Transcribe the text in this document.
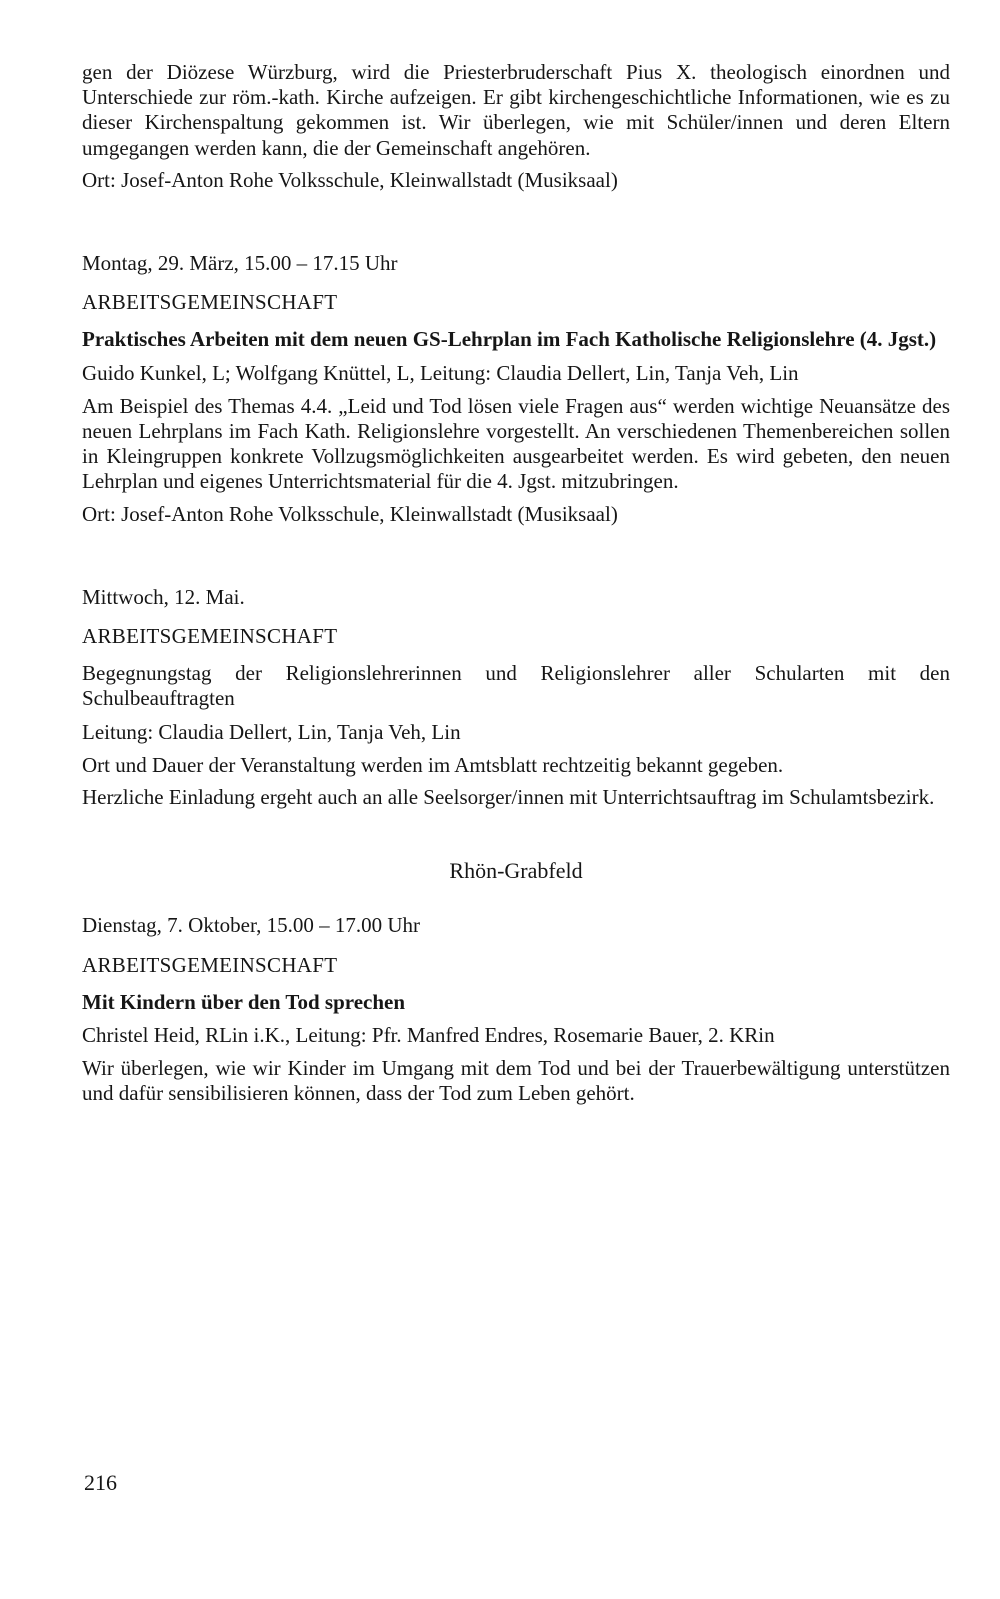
gen der Diözese Würzburg, wird die Priesterbruderschaft Pius X. theologisch einordnen und Unterschiede zur röm.-kath. Kirche aufzeigen. Er gibt kirchengeschichtliche Informationen, wie es zu dieser Kirchenspaltung gekommen ist. Wir überlegen, wie mit Schüler/innen und deren Eltern umgegangen werden kann, die der Gemeinschaft angehören.

Ort: Josef-Anton Rohe Volksschule, Kleinwallstadt (Musiksaal)

Montag, 29. März, 15.00 – 17.15 Uhr

ARBEITSGEMEINSCHAFT

Praktisches Arbeiten mit dem neuen GS-Lehrplan im Fach Katholische Religionslehre (4. Jgst.)

Guido Kunkel, L; Wolfgang Knüttel, L, Leitung: Claudia Dellert, Lin, Tanja Veh, Lin

Am Beispiel des Themas 4.4. „Leid und Tod lösen viele Fragen aus“ werden wichtige Neuansätze des neuen Lehrplans im Fach Kath. Religionslehre vorgestellt. An verschiedenen Themenbereichen sollen in Kleingruppen konkrete Vollzugsmöglichkeiten ausgearbeitet werden. Es wird gebeten, den neuen Lehrplan und eigenes Unterrichtsmaterial für die 4. Jgst. mitzubringen.

Ort: Josef-Anton Rohe Volksschule, Kleinwallstadt (Musiksaal)

Mittwoch, 12. Mai.

ARBEITSGEMEINSCHAFT

Begegnungstag der Religionslehrerinnen und Religionslehrer aller Schularten mit den Schulbeauftragten

Leitung: Claudia Dellert, Lin, Tanja Veh, Lin

Ort und Dauer der Veranstaltung werden im Amtsblatt rechtzeitig bekannt gegeben.

Herzliche Einladung ergeht auch an alle Seelsorger/innen mit Unterrichtsauftrag im Schulamtsbezirk.

Rhön-Grabfeld

Dienstag, 7. Oktober, 15.00 – 17.00 Uhr

ARBEITSGEMEINSCHAFT

Mit Kindern über den Tod sprechen

Christel Heid, RLin i.K., Leitung: Pfr. Manfred Endres, Rosemarie Bauer, 2. KRin

Wir überlegen, wie wir Kinder im Umgang mit dem Tod und bei der Trauerbewältigung unterstützen und dafür sensibilisieren können, dass der Tod zum Leben gehört.

216
